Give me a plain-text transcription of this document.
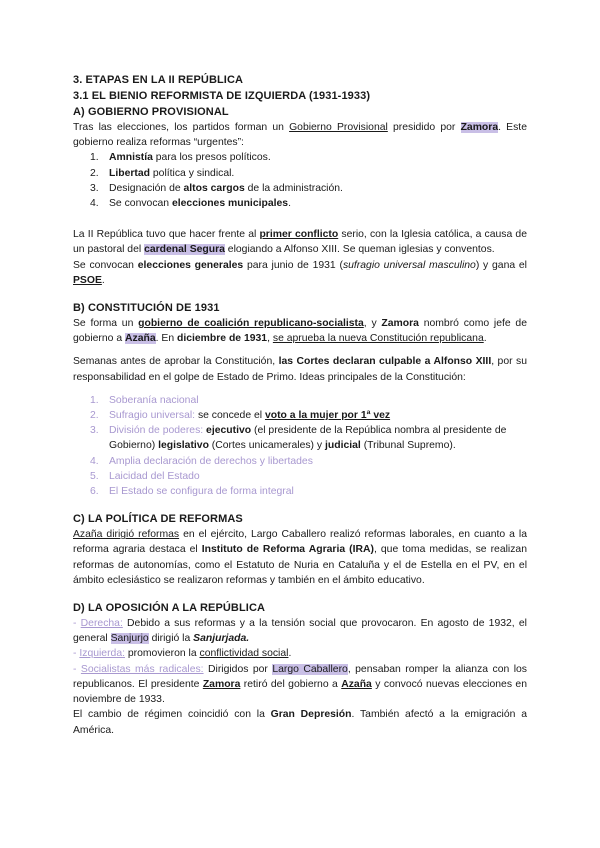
3. ETAPAS EN LA II REPÚBLICA
3.1 EL BIENIO REFORMISTA DE IZQUIERDA (1931-1933)
A) GOBIERNO PROVISIONAL

Tras las elecciones, los partidos forman un Gobierno Provisional presidido por Zamora. Este gobierno realiza reformas “urgentes”:

1. Amnistía para los presos políticos.
2. Libertad política y sindical.
3. Designación de altos cargos de la administración.
4. Se convocan elecciones municipales.

La II República tuvo que hacer frente al primer conflicto serio, con la Iglesia católica, a causa de un pastoral del cardenal Segura elogiando a Alfonso XIII. Se queman iglesias y conventos.

Se convocan elecciones generales para junio de 1931 (sufragio universal masculino) y gana el PSOE.

B) CONSTITUCIÓN DE 1931

Se forma un gobierno de coalición republicano-socialista, y Zamora nombró como jefe de gobierno a Azaña. En diciembre de 1931, se aprueba la nueva Constitución republicana.

Semanas antes de aprobar la Constitución, las Cortes declaran culpable a Alfonso XIII, por su responsabilidad en el golpe de Estado de Primo. Ideas principales de la Constitución:

1. Soberanía nacional
2. Sufragio universal: se concede el voto a la mujer por 1ª vez
3. División de poderes: ejecutivo (el presidente de la República nombra al presidente de Gobierno) legislativo (Cortes unicamerales) y judicial (Tribunal Supremo).
4. Amplia declaración de derechos y libertades
5. Laicidad del Estado
6. El Estado se configura de forma integral
C) LA POLÍTICA DE REFORMAS

Azaña dirigió reformas en el ejército, Largo Caballero realizó reformas laborales, en cuanto a la reforma agraria destaca el Instituto de Reforma Agraria (IRA), que toma medidas, se realizan reformas de autonomías, como el Estatuto de Nuria en Cataluña y el de Estella en el PV, en el ámbito eclesiástico se realizaron reformas y también en el ámbito educativo.

D) LA OPOSICIÓN A LA REPÚBLICA

- Derecha: Debido a sus reformas y a la tensión social que provocaron. En agosto de 1932, el general Sanjurjo dirigió la Sanjurjada.

- Izquierda: promovieron la conflictividad social.

- Socialistas más radicales: Dirigidos por Largo Caballero, pensaban romper la alianza con los republicanos. El presidente Zamora retiró del gobierno a Azaña y convocó nuevas elecciones en noviembre de 1933.

El cambio de régimen coincidió con la Gran Depresión. También afectó a la emigración a América.
